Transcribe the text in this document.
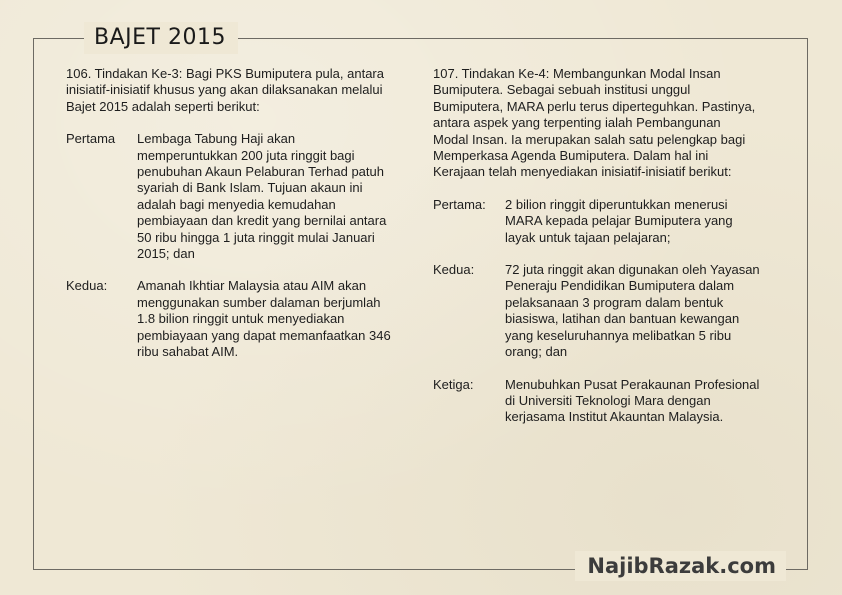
BAJET 2015
106. Tindakan Ke-3: Bagi PKS Bumiputera pula, antara
inisiatif-inisiatif khusus yang akan dilaksanakan melalui
Bajet 2015 adalah seperti berikut:
Pertama	Lembaga Tabung Haji akan
memperuntukkan 200 juta ringgit bagi
penubuhan Akaun Pelaburan Terhad patuh
syariah di Bank Islam. Tujuan akaun ini
adalah bagi menyedia kemudahan
pembiayaan dan kredit yang bernilai antara
50 ribu hingga 1 juta ringgit mulai Januari
2015; dan
Kedua:	Amanah Ikhtiar Malaysia atau AIM akan
menggunakan sumber dalaman berjumlah
1.8 bilion ringgit untuk menyediakan
pembiayaan yang dapat memanfaatkan 346
ribu sahabat AIM.
107. Tindakan Ke-4: Membangunkan Modal Insan
Bumiputera. Sebagai sebuah institusi unggul
Bumiputera, MARA perlu terus diperteguhkan. Pastinya,
antara aspek yang terpenting ialah Pembangunan
Modal Insan. Ia merupakan salah satu pelengkap bagi
Memperkasa Agenda Bumiputera. Dalam hal ini
Kerajaan telah menyediakan inisiatif-inisiatif berikut:
Pertama:	2 bilion ringgit diperuntukkan menerusi
MARA kepada pelajar Bumiputera yang
layak untuk tajaan pelajaran;
Kedua:	72 juta ringgit akan digunakan oleh Yayasan
Peneraju Pendidikan Bumiputera dalam
pelaksanaan 3 program dalam bentuk
biasiswa, latihan dan bantuan kewangan
yang keseluruhannya melibatkan 5 ribu
orang; dan
Ketiga:	Menubuhkan Pusat Perakaunan Profesional
di Universiti Teknologi Mara dengan
kerjasama Institut Akauntan Malaysia.
NajibRazak.com
